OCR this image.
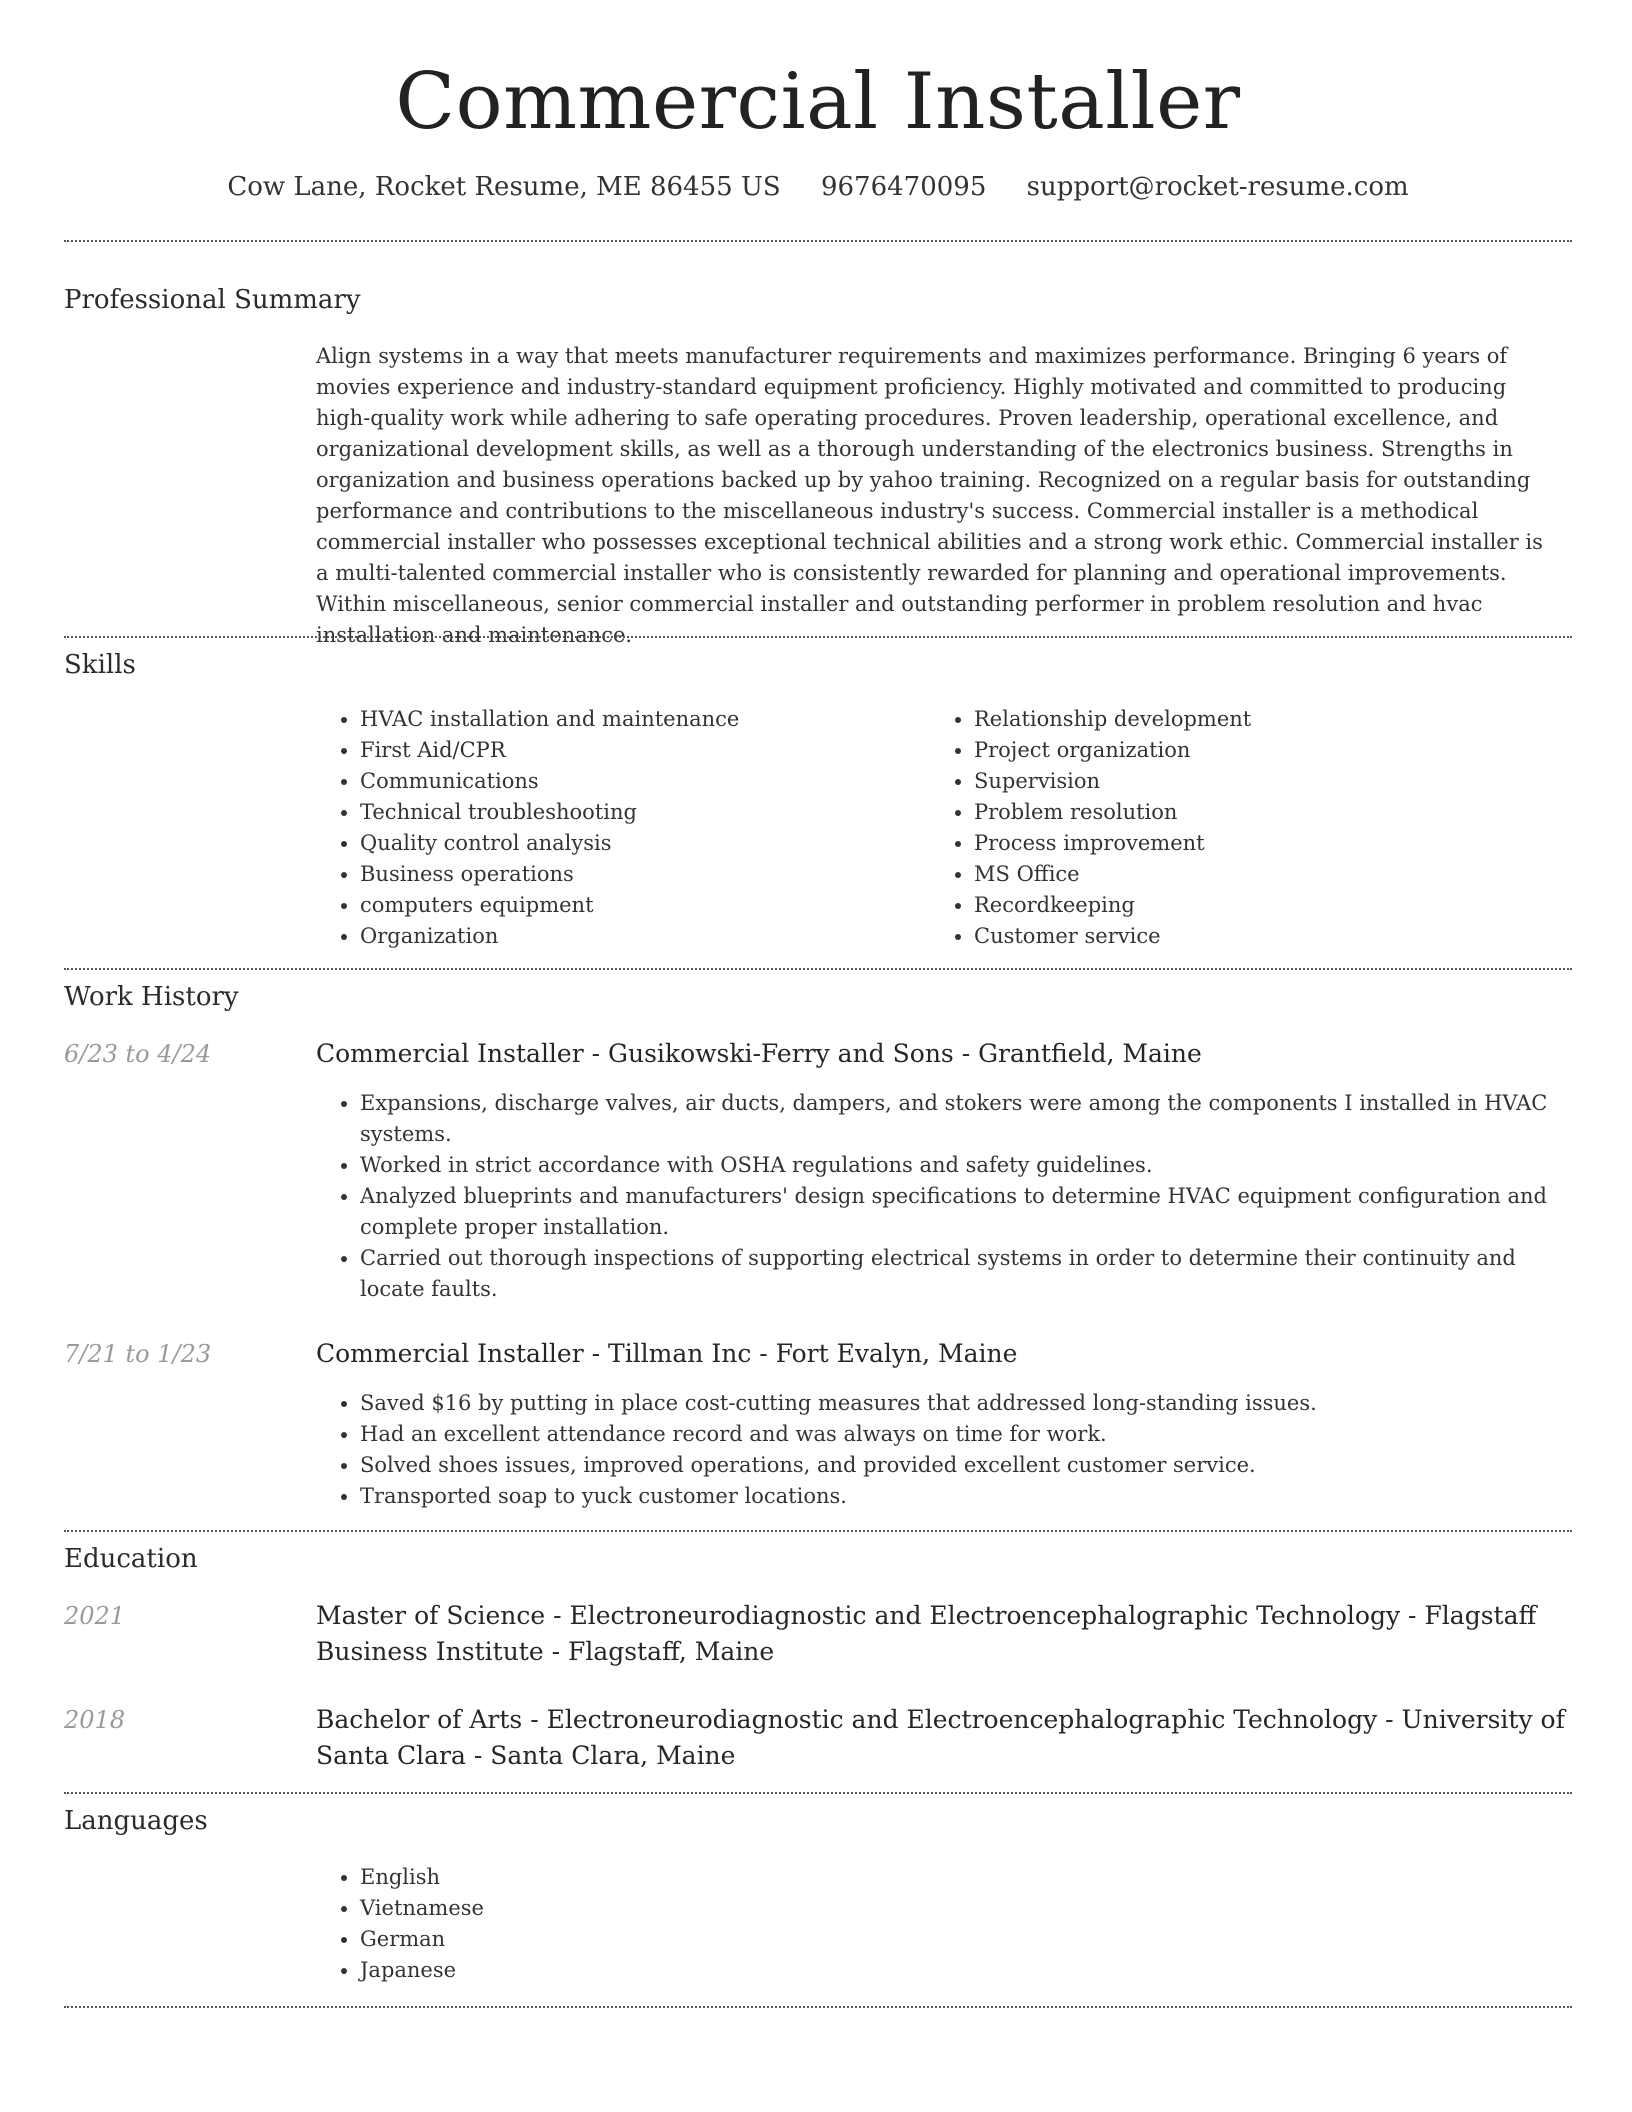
Commercial Installer
Cow Lane, Rocket Resume, ME 86455 US 9676470095 support@rocket-resume.com
Professional Summary
Align systems in a way that meets manufacturer requirements and maximizes performance. Bringing 6 years of movies experience and industry-standard equipment proficiency. Highly motivated and committed to producing high-quality work while adhering to safe operating procedures. Proven leadership, operational excellence, and organizational development skills, as well as a thorough understanding of the electronics business. Strengths in organization and business operations backed up by yahoo training. Recognized on a regular basis for outstanding performance and contributions to the miscellaneous industry's success. Commercial installer is a methodical commercial installer who possesses exceptional technical abilities and a strong work ethic. Commercial installer is a multi-talented commercial installer who is consistently rewarded for planning and operational improvements. Within miscellaneous, senior commercial installer and outstanding performer in problem resolution and hvac installation and maintenance.
Skills
• HVAC installation and maintenance
• First Aid/CPR
• Communications
• Technical troubleshooting
• Quality control analysis
• Business operations
• computers equipment
• Organization
• Relationship development
• Project organization
• Supervision
• Problem resolution
• Process improvement
• MS Office
• Recordkeeping
• Customer service
Work History
6/23 to 4/24	Commercial Installer - Gusikowski-Ferry and Sons - Grantfield, Maine
• Expansions, discharge valves, air ducts, dampers, and stokers were among the components I installed in HVAC systems.
• Worked in strict accordance with OSHA regulations and safety guidelines.
• Analyzed blueprints and manufacturers' design specifications to determine HVAC equipment configuration and complete proper installation.
• Carried out thorough inspections of supporting electrical systems in order to determine their continuity and locate faults.
7/21 to 1/23	Commercial Installer - Tillman Inc - Fort Evalyn, Maine
• Saved $16 by putting in place cost-cutting measures that addressed long-standing issues.
• Had an excellent attendance record and was always on time for work.
• Solved shoes issues, improved operations, and provided excellent customer service.
• Transported soap to yuck customer locations.
Education
2021	Master of Science - Electroneurodiagnostic and Electroencephalographic Technology - Flagstaff Business Institute - Flagstaff, Maine
2018	Bachelor of Arts - Electroneurodiagnostic and Electroencephalographic Technology - University of Santa Clara - Santa Clara, Maine
Languages
• English
• Vietnamese
• German
• Japanese
